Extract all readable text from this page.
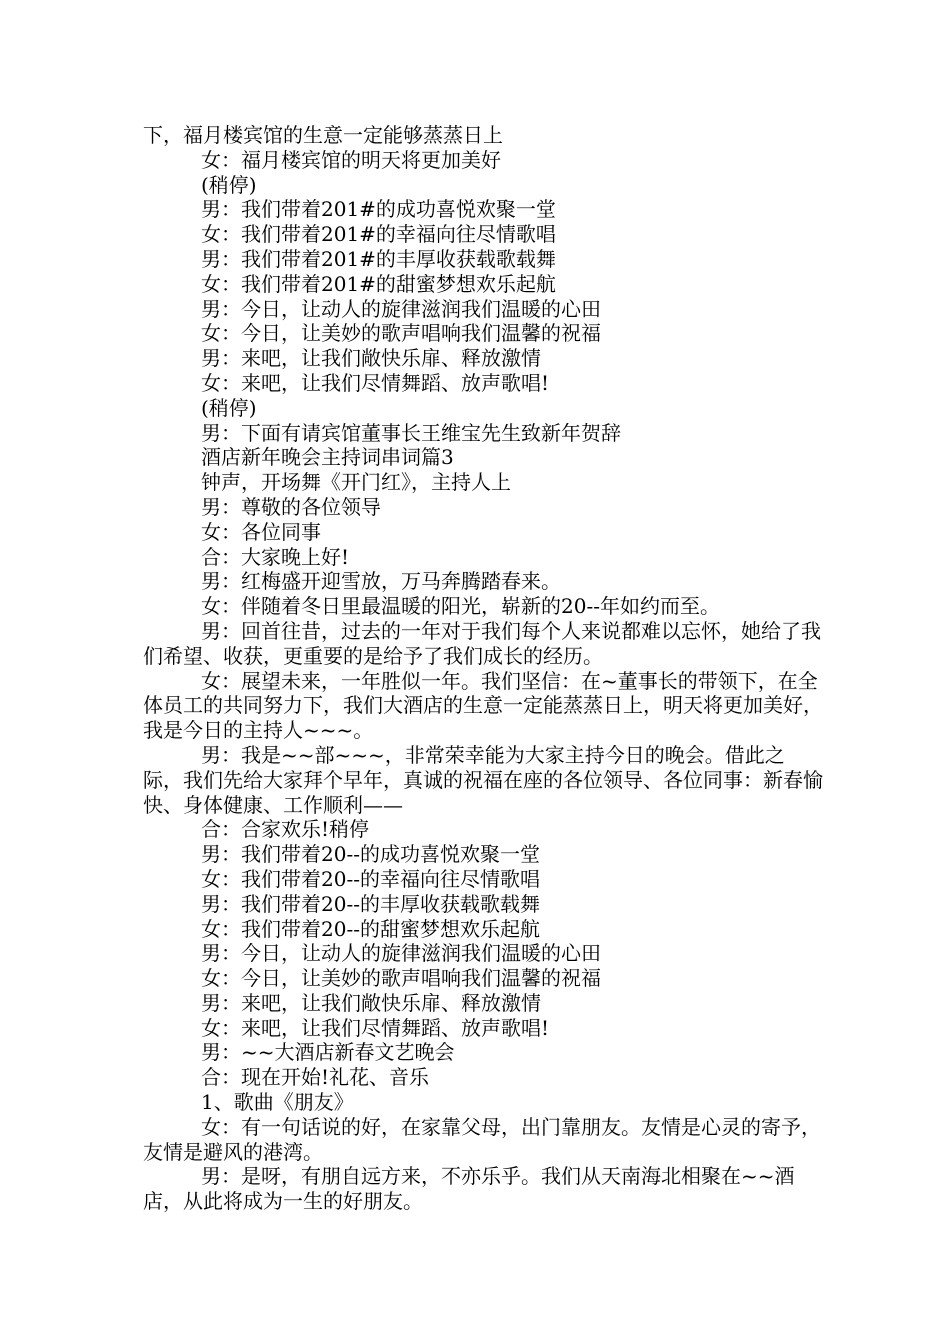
下，福月楼宾馆的生意一定能够蒸蒸日上

女：福月楼宾馆的明天将更加美好

(稍停)

男：我们带着201#的成功喜悦欢聚一堂

女：我们带着201#的幸福向往尽情歌唱

男：我们带着201#的丰厚收获载歌载舞

女：我们带着201#的甜蜜梦想欢乐起航

男：今日，让动人的旋律滋润我们温暖的心田

女：今日，让美妙的歌声唱响我们温馨的祝福

男：来吧，让我们敞快乐扉、释放激情

女：来吧，让我们尽情舞蹈、放声歌唱!

(稍停)

男：下面有请宾馆董事长王维宝先生致新年贺辞

酒店新年晚会主持词串词篇3

钟声，开场舞《开门红》，主持人上

男：尊敬的各位领导

女：各位同事

合：大家晚上好!

男：红梅盛开迎雪放，万马奔腾踏春来。

女：伴随着冬日里最温暖的阳光，崭新的20--年如约而至。

男：回首往昔，过去的一年对于我们每个人来说都难以忘怀，她给了我们希望、收获，更重要的是给予了我们成长的经历。

女：展望未来，一年胜似一年。我们坚信：在~董事长的带领下，在全体员工的共同努力下，我们大酒店的生意一定能蒸蒸日上，明天将更加美好，我是今日的主持人~~~。

男：我是~~部~~~，非常荣幸能为大家主持今日的晚会。借此之际，我们先给大家拜个早年，真诚的祝福在座的各位领导、各位同事：新春愉快、身体健康、工作顺利——

合：合家欢乐!稍停

男：我们带着20--的成功喜悦欢聚一堂

女：我们带着20--的幸福向往尽情歌唱

男：我们带着20--的丰厚收获载歌载舞

女：我们带着20--的甜蜜梦想欢乐起航

男：今日，让动人的旋律滋润我们温暖的心田

女：今日，让美妙的歌声唱响我们温馨的祝福

男：来吧，让我们敞快乐扉、释放激情

女：来吧，让我们尽情舞蹈、放声歌唱!

男：~~大酒店新春文艺晚会

合：现在开始!礼花、音乐

1、歌曲《朋友》

女：有一句话说的好，在家靠父母，出门靠朋友。友情是心灵的寄予，友情是避风的港湾。

男：是呀，有朋自远方来，不亦乐乎。我们从天南海北相聚在~~酒店，从此将成为一生的好朋友。
